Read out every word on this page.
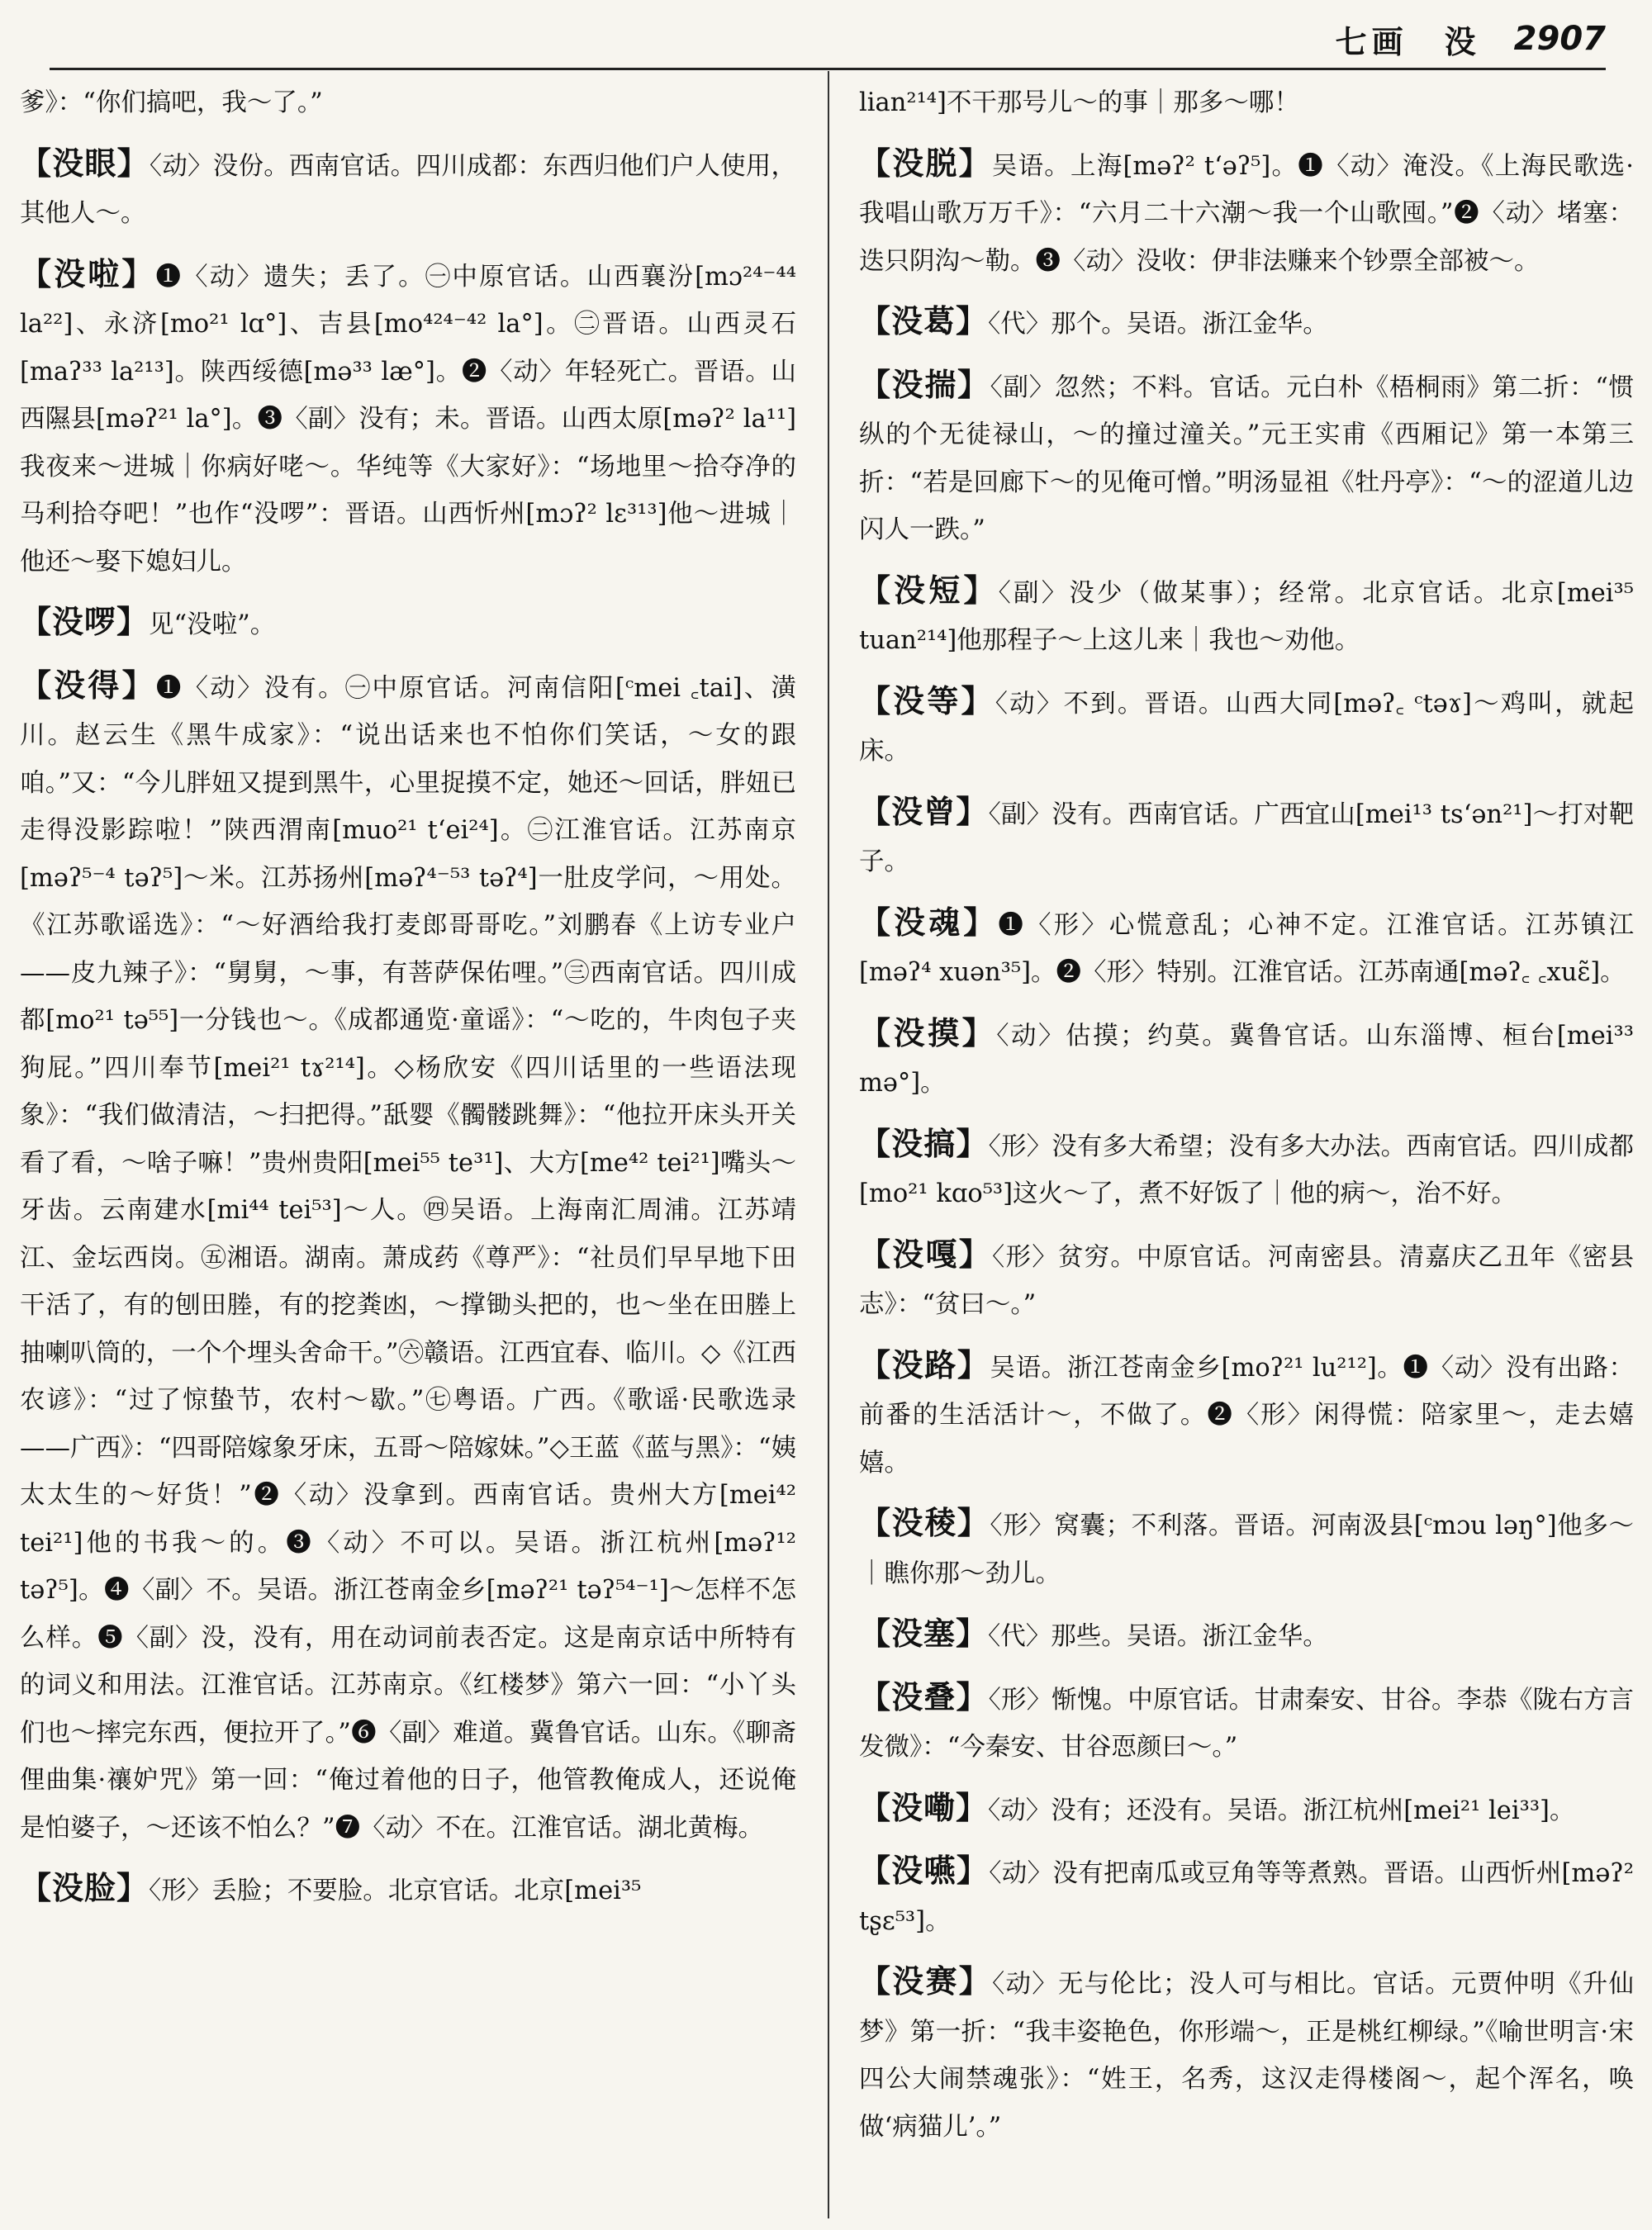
七画　没 2907
爹》：“你们搞吧，我～了。”
【没眼】〈动〉没份。西南官话。四川成都：东西归他们户人使用，其他人～。
【没啦】❶〈动〉遗失；丢了。㊀中原官话。山西襄汾[mɔ²⁴⁻⁴⁴ la²²]、永济[mo²¹ lɑ°]、吉县[mo⁴²⁴⁻⁴² la°]。㊁晋语。山西灵石[maʔ³³ la²¹³]。陕西绥德[mə³³ læ°]。❷〈动〉年轻死亡。晋语。山西隰县[məʔ²¹ la°]。❸〈副〉没有；未。晋语。山西太原[məʔ² la¹¹]我夜来～进城｜你病好咾～。华纯等《大家好》：“场地里～拾夺净的马利拾夺吧！”也作“没啰”：晋语。山西忻州[mɔʔ² lɛ³¹³]他～进城｜他还～娶下媳妇儿。
【没啰】见“没啦”。
【没得】❶〈动〉没有。㊀中原官话。河南信阳[ᶜmei ꜀tai]、潢川。赵云生《黑牛成家》：“说出话来也不怕你们笑话，～女的跟咱。”又：“今儿胖妞又提到黑牛，心里捉摸不定，她还～回话，胖妞已走得没影踪啦！”陕西渭南[muo²¹ tʻei²⁴]。㊁江淮官话。江苏南京[məʔ⁵⁻⁴ təʔ⁵]～米。江苏扬州[məʔ⁴⁻⁵³ təʔ⁴]一肚皮学问，～用处。《江苏歌谣选》：“～好酒给我打麦郎哥哥吃。”刘鹏春《上访专业户——皮九辣子》：“舅舅，～事，有菩萨保佑哩。”㊂西南官话。四川成都[mo²¹ tə⁵⁵]一分钱也～。《成都通览·童谣》：“～吃的，牛肉包子夹狗屁。”四川奉节[mei²¹ tɤ²¹⁴]。◇杨欣安《四川话里的一些语法现象》：“我们做清洁，～扫把得。”舐婴《髑髅跳舞》：“他拉开床头开关看了看，～啥子嘛！”贵州贵阳[mei⁵⁵ te³¹]、大方[me⁴² tei²¹]嘴头～牙齿。云南建水[mi⁴⁴ tei⁵³]～人。㊃吴语。上海南汇周浦。江苏靖江、金坛西岗。㊄湘语。湖南。萧成药《尊严》：“社员们早早地下田干活了，有的刨田塍，有的挖粪凼，～撑锄头把的，也～坐在田塍上抽喇叭筒的，一个个埋头舍命干。”㊅赣语。江西宜春、临川。◇《江西农谚》：“过了惊蛰节，农村～歇。”㊆粤语。广西。《歌谣·民歌选录——广西》：“四哥陪嫁象牙床，五哥～陪嫁妹。”◇王蓝《蓝与黑》：“姨太太生的～好货！”❷〈动〉没拿到。西南官话。贵州大方[mei⁴² tei²¹]他的书我～的。❸〈动〉不可以。吴语。浙江杭州[məʔ¹² təʔ⁵]。❹〈副〉不。吴语。浙江苍南金乡[məʔ²¹ təʔ⁵⁴⁻¹]～怎样不怎么样。❺〈副〉没，没有，用在动词前表否定。这是南京话中所特有的词义和用法。江淮官话。江苏南京。《红楼梦》第六一回：“小丫头们也～摔完东西，便拉开了。”❻〈副〉难道。冀鲁官话。山东。《聊斋俚曲集·禳妒咒》第一回：“俺过着他的日子，他管教俺成人，还说俺是怕婆子，～还该不怕么？”❼〈动〉不在。江淮官话。湖北黄梅。
【没脸】〈形〉丢脸；不要脸。北京官话。北京[mei³⁵
lian²¹⁴]不干那号儿～的事｜那多～哪！
【没脱】吴语。上海[məʔ² tʻəʔ⁵]。❶〈动〉淹没。《上海民歌选·我唱山歌万万千》：“六月二十六潮～我一个山歌囤。”❷〈动〉堵塞：迭只阴沟～勒。❸〈动〉没收：伊非法赚来个钞票全部被～。
【没葛】〈代〉那个。吴语。浙江金华。
【没揣】〈副〉忽然；不料。官话。元白朴《梧桐雨》第二折：“惯纵的个无徒禄山，～的撞过潼关。”元王实甫《西厢记》第一本第三折：“若是回廊下～的见俺可憎。”明汤显祖《牡丹亭》：“～的涩道儿边闪人一跌。”
【没短】〈副〉没少（做某事）；经常。北京官话。北京[mei³⁵ tuan²¹⁴]他那程子～上这儿来｜我也～劝他。
【没等】〈动〉不到。晋语。山西大同[məʔ꜀ ᶜtəɤ]～鸡叫，就起床。
【没曾】〈副〉没有。西南官话。广西宜山[mei¹³ tsʻən²¹]～打对靶子。
【没魂】❶〈形〉心慌意乱；心神不定。江淮官话。江苏镇江[məʔ⁴ xuən³⁵]。❷〈形〉特别。江淮官话。江苏南通[məʔ꜀ ꜀xuɛ̃]。
【没摸】〈动〉估摸；约莫。冀鲁官话。山东淄博、桓台[mei³³ mə°]。
【没搞】〈形〉没有多大希望；没有多大办法。西南官话。四川成都[mo²¹ kɑo⁵³]这火～了，煮不好饭了｜他的病～，治不好。
【没嘎】〈形〉贫穷。中原官话。河南密县。清嘉庆乙丑年《密县志》：“贫曰～。”
【没路】吴语。浙江苍南金乡[moʔ²¹ lu²¹²]。❶〈动〉没有出路：前番的生活活计～，不做了。❷〈形〉闲得慌：陪家里～，走去嬉嬉。
【没稜】〈形〉窝囊；不利落。晋语。河南汲县[ᶜmɔu ləŋ°]他多～｜瞧你那～劲儿。
【没塞】〈代〉那些。吴语。浙江金华。
【没叠】〈形〉惭愧。中原官话。甘肃秦安、甘谷。李恭《陇右方言发微》：“今秦安、甘谷恧颜曰～。”
【没嘞】〈动〉没有；还没有。吴语。浙江杭州[mei²¹ lei³³]。
【没嚥】〈动〉没有把南瓜或豆角等等煮熟。晋语。山西忻州[məʔ² tʂɛ⁵³]。
【没赛】〈动〉无与伦比；没人可与相比。官话。元贾仲明《升仙梦》第一折：“我丰姿艳色，你形端～，正是桃红柳绿。”《喻世明言·宋四公大闹禁魂张》：“姓王，名秀，这汉走得楼阁～，起个浑名，唤做‘病猫儿’。”
